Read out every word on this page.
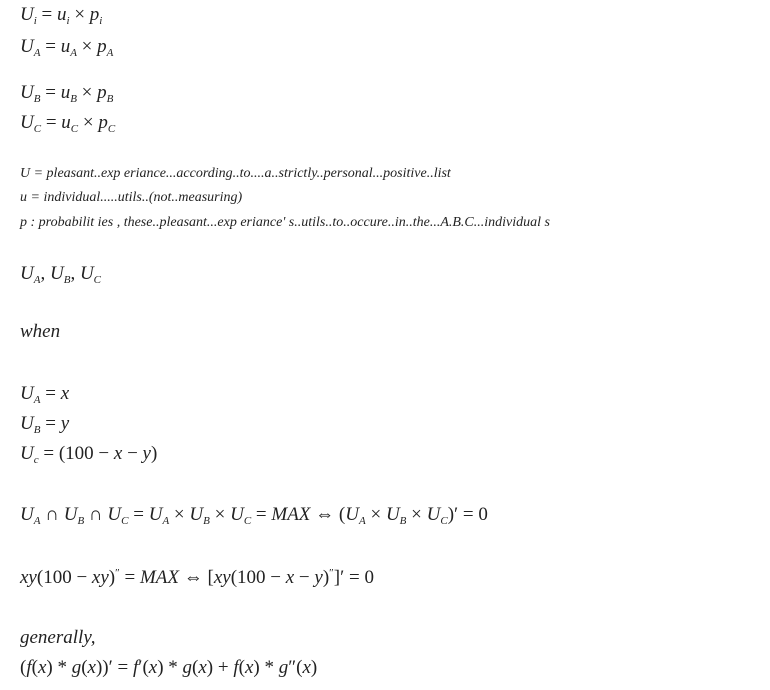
$U_i = u_i \times p_i$
$U_A = u_A \times p_A$
$U_B = u_B \times p_B$
$U_C = u_C \times p_C$
U = pleasant..exp eriance...according..to....a..strictly..personal...positive..list
u = individual.....utils..(not..measuring)
p : probabilit ies , these..pleasant...exp eriance' s..utils..to..occure..in..the...A.B.C...individual s
$U_A$, $U_B$, $U_C$
when
$U_A = x$
$U_B = y$
$U_c = (100 - x - y)$
$U_A$ ∩ $U_B$ ∩ $U_C = U_A \times U_B \times U_C$ = MAX ⇔ $(U_A \times U_B \times U_C)' = 0$
xy(100 − xy)″ = MAX ⇔ [xy(100 − x − y)″]′ = 0
generally,
(f(x) * g(x))′ = f′(x) * g(x) + f(x) * g″(x)
